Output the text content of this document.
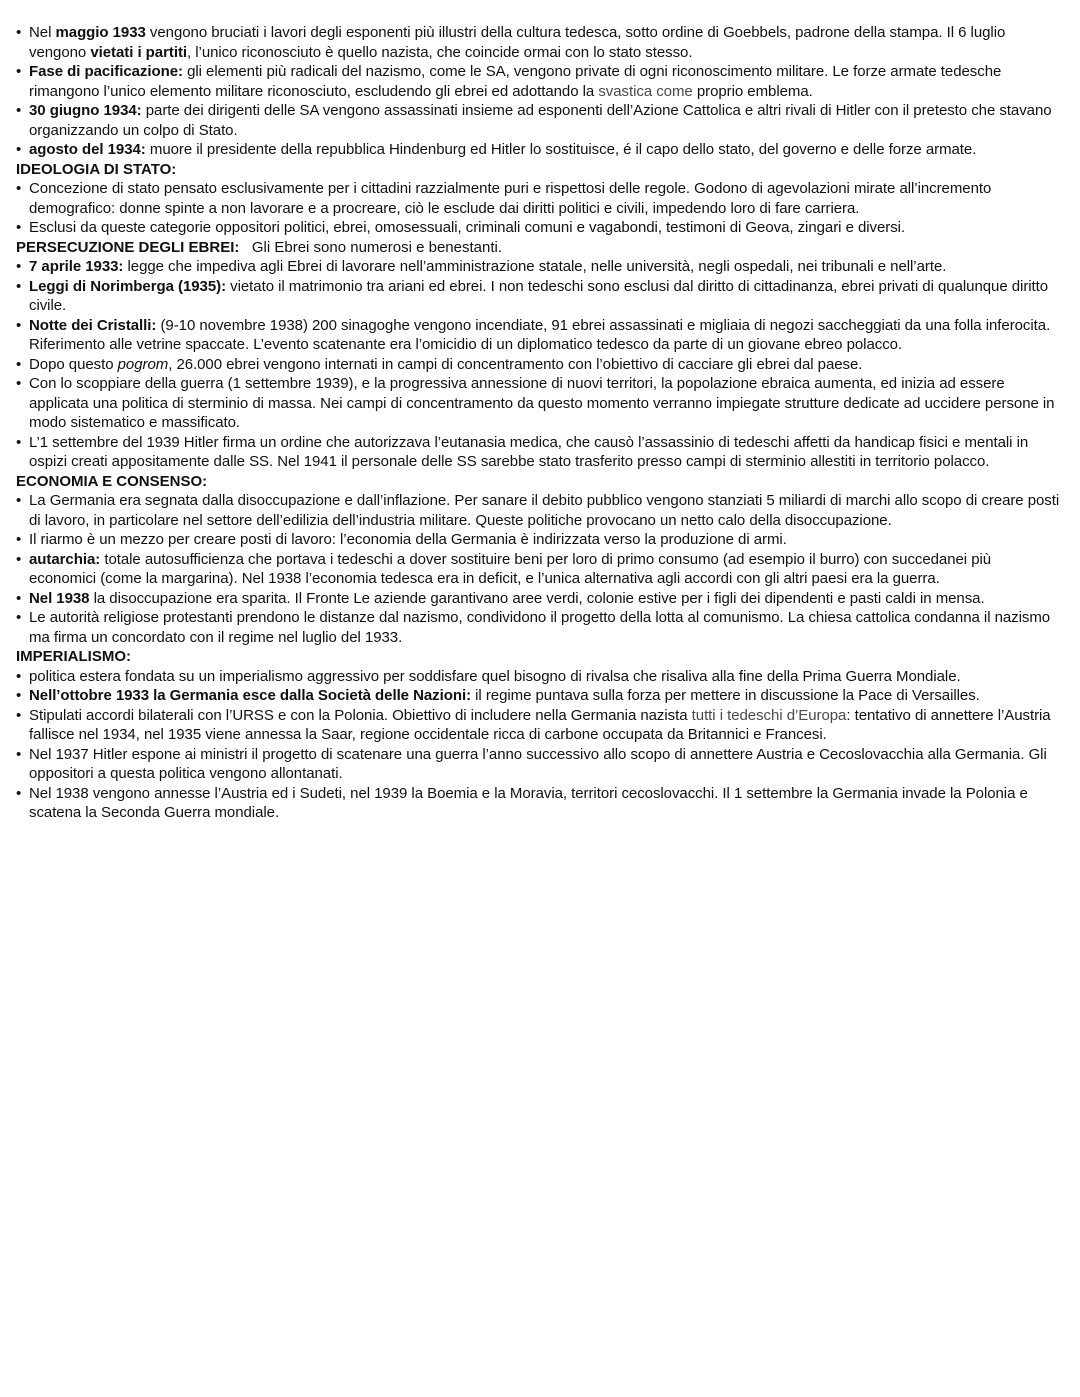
• Nel maggio 1933 vengono bruciati i lavori degli esponenti più illustri della cultura tedesca, sotto ordine di Goebbels, padrone della stampa. Il 6 luglio vengono vietati i partiti, l’unico riconosciuto è quello nazista, che coincide ormai con lo stato stesso.
• Fase di pacificazione: gli elementi più radicali del nazismo, come le SA, vengono private di ogni riconoscimento militare. Le forze armate tedesche rimangono l’unico elemento militare riconosciuto, escludendo gli ebrei ed adottando la svastica come proprio emblema.
• 30 giugno 1934: parte dei dirigenti delle SA vengono assassinati insieme ad esponenti dell’Azione Cattolica e altri rivali di Hitler con il pretesto che stavano organizzando un colpo di Stato.
• agosto del 1934: muore il presidente della repubblica Hindenburg ed Hitler lo sostituisce, é il capo dello stato, del governo e delle forze armate.
IDEOLOGIA DI STATO:
• Concezione di stato pensato esclusivamente per i cittadini razzialmente puri e rispettosi delle regole. Godono di agevolazioni mirate all’incremento demografico: donne spinte a non lavorare e a procreare, ciò le esclude dai diritti politici e civili, impedendo loro di fare carriera.
• Esclusi da queste categorie oppositori politici, ebrei, omosessuali, criminali comuni e vagabondi, testimoni di Geova, zingari e diversi.
PERSECUZIONE DEGLI EBREI:   Gli Ebrei sono numerosi e benestanti.
• 7 aprile 1933: legge che impediva agli Ebrei di lavorare nell’amministrazione statale, nelle università, negli ospedali, nei tribunali e nell’arte.
• Leggi di Norimberga (1935): vietato il matrimonio tra ariani ed ebrei. I non tedeschi sono esclusi dal diritto di cittadinanza, ebrei privati di qualunque diritto civile.
• Notte dei Cristalli: (9-10 novembre 1938) 200 sinagoghe vengono incendiate, 91 ebrei assassinati e migliaia di negozi saccheggiati da una folla inferocita. Riferimento alle vetrine spaccate. L’evento scatenante era l’omicidio di un diplomatico tedesco da parte di un giovane ebreo polacco.
• Dopo questo pogrom, 26.000 ebrei vengono internati in campi di concentramento con l’obiettivo di cacciare gli ebrei dal paese.
• Con lo scoppiare della guerra (1 settembre 1939), e la progressiva annessione di nuovi territori, la popolazione ebraica aumenta, ed inizia ad essere applicata una politica di sterminio di massa. Nei campi di concentramento da questo momento verranno impiegate strutture dedicate ad uccidere persone in modo sistematico e massificato.
• L’1 settembre del 1939 Hitler firma un ordine che autorizzava l’eutanasia medica, che causò l’assassinio di tedeschi affetti da handicap fisici e mentali in ospizi creati appositamente dalle SS. Nel 1941 il personale delle SS sarebbe stato trasferito presso campi di sterminio allestiti in territorio polacco.
ECONOMIA E CONSENSO:
• La Germania era segnata dalla disoccupazione e dall’inflazione. Per sanare il debito pubblico vengono stanziati 5 miliardi di marchi allo scopo di creare posti di lavoro, in particolare nel settore dell’edilizia dell’industria militare. Queste politiche provocano un netto calo della disoccupazione.
• Il riarmo è un mezzo per creare posti di lavoro: l’economia della Germania è indirizzata verso la produzione di armi.
• autarchia: totale autosufficienza che portava i tedeschi a dover sostituire beni per loro di primo consumo (ad esempio il burro) con succedanei più economici (come la margarina). Nel 1938 l’economia tedesca era in deficit, e l’unica alternativa agli accordi con gli altri paesi era la guerra.
• Nel 1938 la disoccupazione era sparita. Il Fronte Le aziende garantivano aree verdi, colonie estive per i figli dei dipendenti e pasti caldi in mensa.
• Le autorità religiose protestanti prendono le distanze dal nazismo, condividono il progetto della lotta al comunismo. La chiesa cattolica condanna il nazismo ma firma un concordato con il regime nel luglio del 1933.
IMPERIALISMO:
• politica estera fondata su un imperialismo aggressivo per soddisfare quel bisogno di rivalsa che risaliva alla fine della Prima Guerra Mondiale.
• Nell’ottobre 1933 la Germania esce dalla Società delle Nazioni: il regime puntava sulla forza per mettere in discussione la Pace di Versailles.
• Stipulati accordi bilaterali con l’URSS e con la Polonia. Obiettivo di includere nella Germania nazista tutti i tedeschi d’Europa: tentativo di annettere l’Austria fallisce nel 1934, nel 1935 viene annessa la Saar, regione occidentale ricca di carbone occupata da Britannici e Francesi.
• Nel 1937 Hitler espone ai ministri il progetto di scatenare una guerra l’anno successivo allo scopo di annettere Austria e Cecoslovacchia alla Germania. Gli oppositori a questa politica vengono allontanati.
• Nel 1938 vengono annesse l’Austria ed i Sudeti, nel 1939 la Boemia e la Moravia, territori cecoslovacchi. Il 1 settembre la Germania invade la Polonia e scatena la Seconda Guerra mondiale.
